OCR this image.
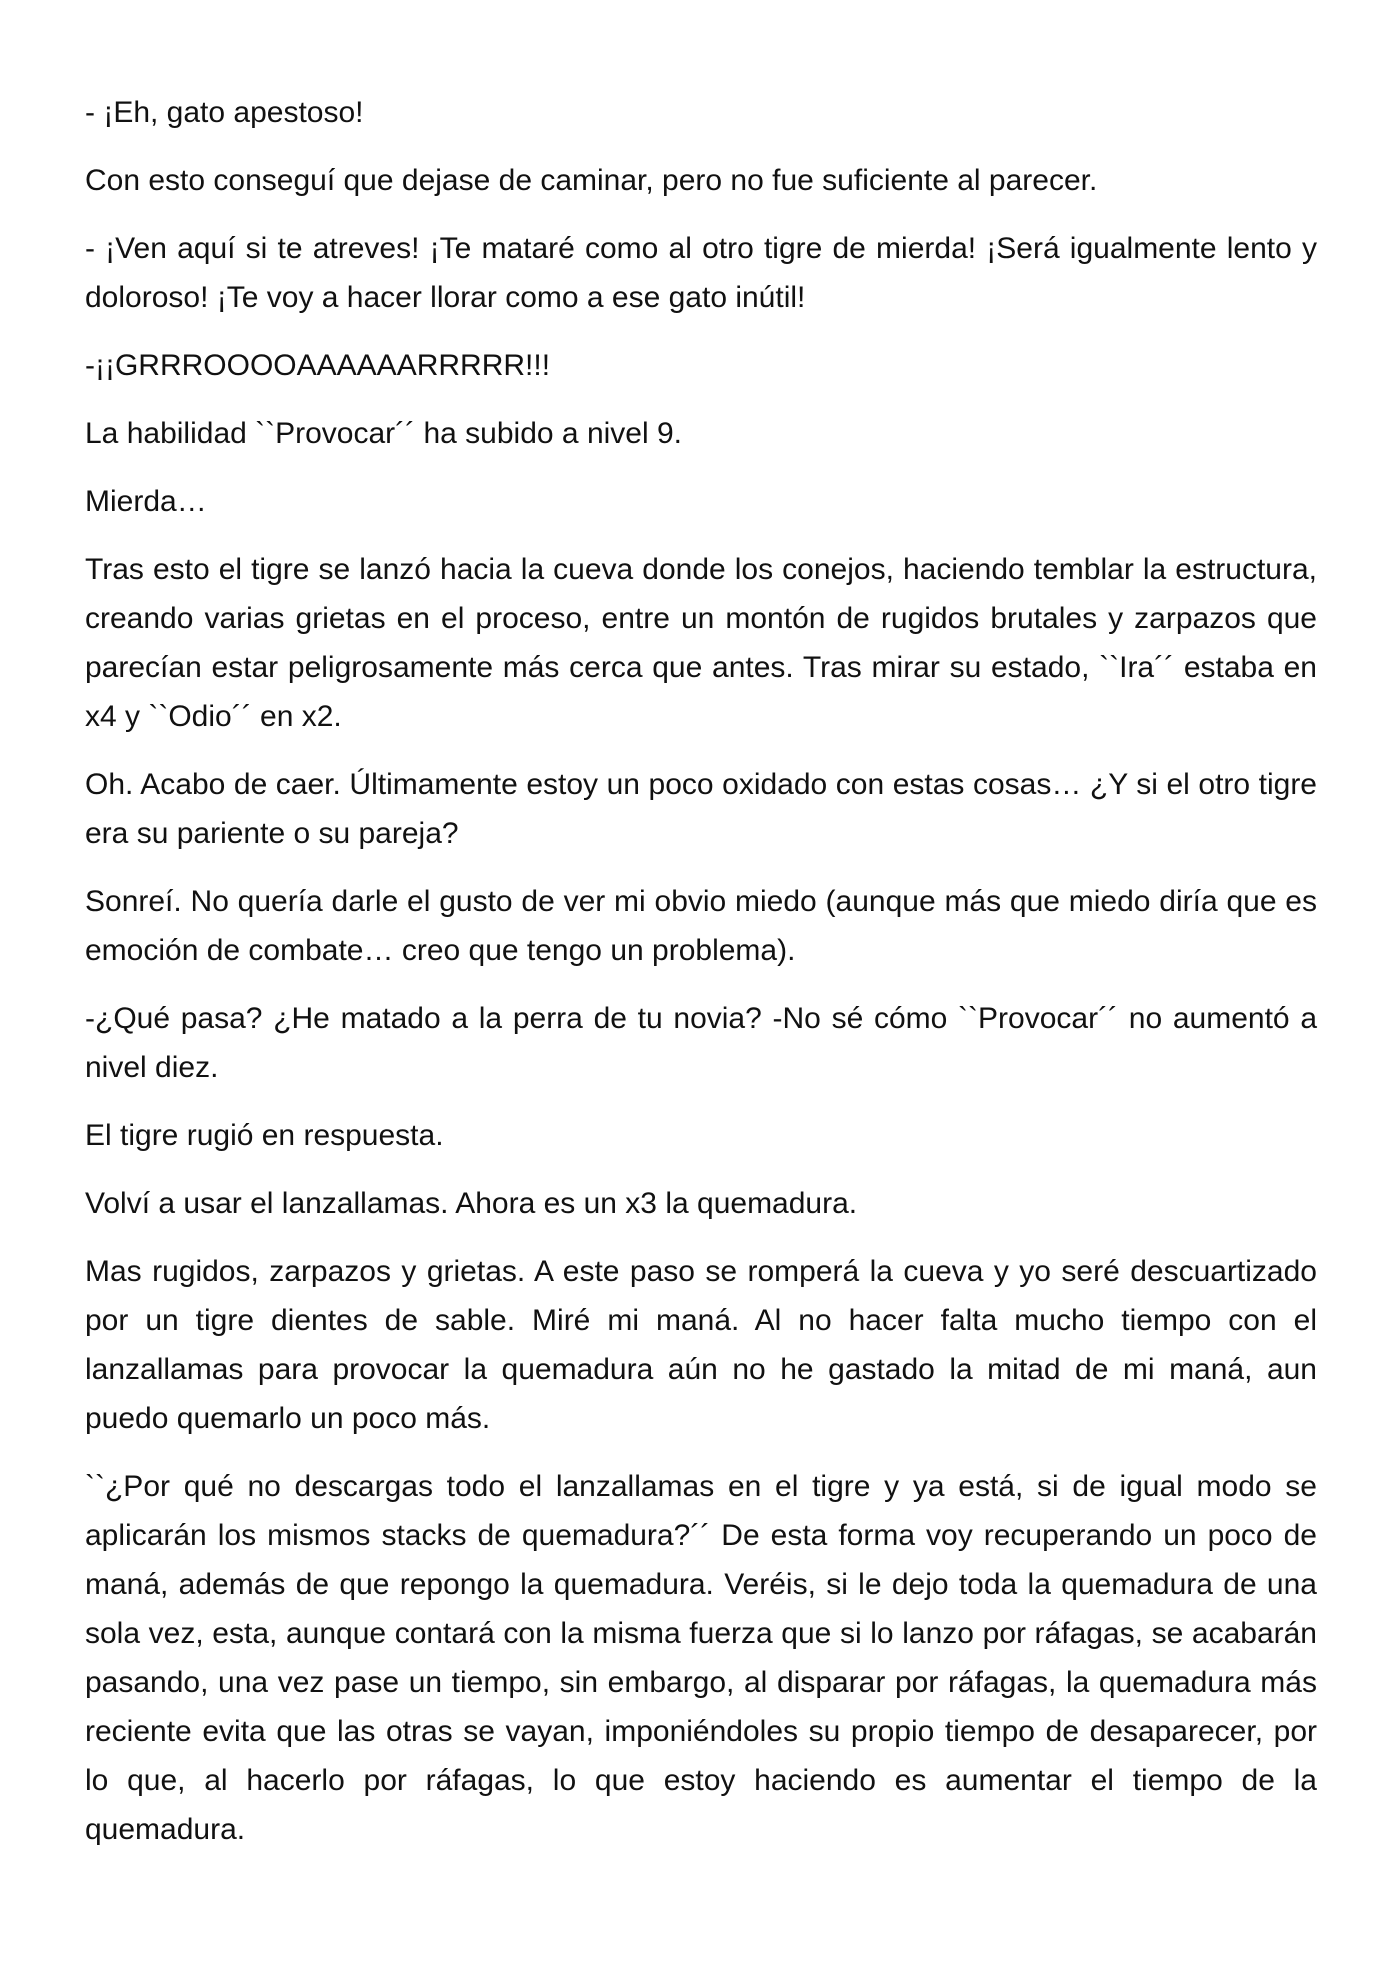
- ¡Eh, gato apestoso!

Con esto conseguí que dejase de caminar, pero no fue suficiente al parecer.

- ¡Ven aquí si te atreves! ¡Te mataré como al otro tigre de mierda! ¡Será igualmente lento y doloroso! ¡Te voy a hacer llorar como a ese gato inútil!

-¡¡GRRROOOOAAAAAARRRRR!!!

La habilidad ``Provocar´´ ha subido a nivel 9.

Mierda…

Tras esto el tigre se lanzó hacia la cueva donde los conejos, haciendo temblar la estructura, creando varias grietas en el proceso, entre un montón de rugidos brutales y zarpazos que parecían estar peligrosamente más cerca que antes. Tras mirar su estado, ``Ira´´ estaba en x4 y ``Odio´´ en x2.

Oh. Acabo de caer. Últimamente estoy un poco oxidado con estas cosas… ¿Y si el otro tigre era su pariente o su pareja?

Sonreí. No quería darle el gusto de ver mi obvio miedo (aunque más que miedo diría que es emoción de combate… creo que tengo un problema).

-¿Qué pasa? ¿He matado a la perra de tu novia? -No sé cómo ``Provocar´´ no aumentó a nivel diez.

El tigre rugió en respuesta.

Volví a usar el lanzallamas. Ahora es un x3 la quemadura.

Mas rugidos, zarpazos y grietas. A este paso se romperá la cueva y yo seré descuartizado por un tigre dientes de sable. Miré mi maná. Al no hacer falta mucho tiempo con el lanzallamas para provocar la quemadura aún no he gastado la mitad de mi maná, aun puedo quemarlo un poco más.

``¿Por qué no descargas todo el lanzallamas en el tigre y ya está, si de igual modo se aplicarán los mismos stacks de quemadura?´´ De esta forma voy recuperando un poco de maná, además de que repongo la quemadura. Veréis, si le dejo toda la quemadura de una sola vez, esta, aunque contará con la misma fuerza que si lo lanzo por ráfagas, se acabarán pasando, una vez pase un tiempo, sin embargo, al disparar por ráfagas, la quemadura más reciente evita que las otras se vayan, imponiéndoles su propio tiempo de desaparecer, por lo que, al hacerlo por ráfagas, lo que estoy haciendo es aumentar el tiempo de la quemadura.
